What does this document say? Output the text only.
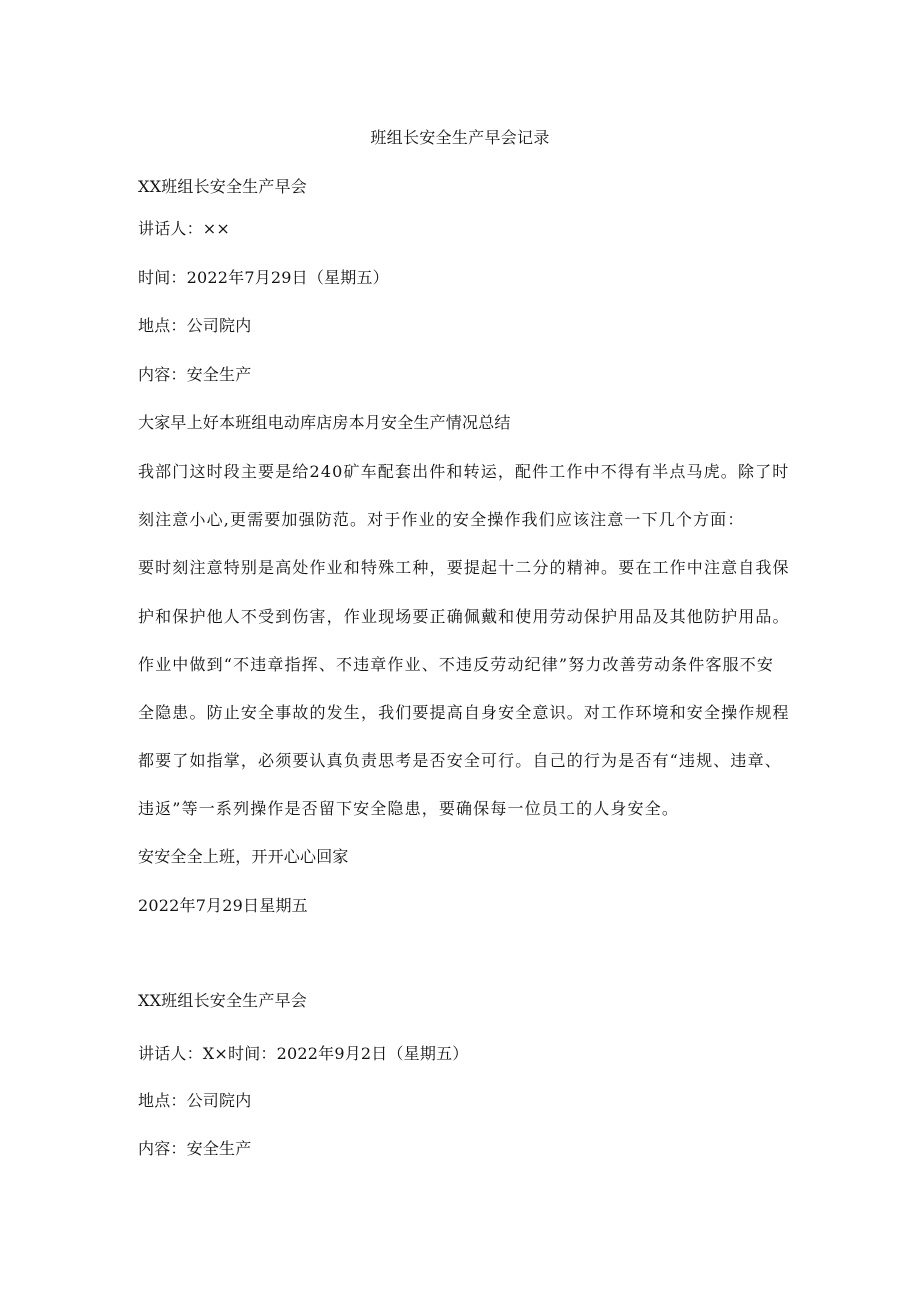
班组长安全生产早会记录
XX班组长安全生产早会
讲话人：××
时间：2022年7月29日（星期五）
地点：公司院内
内容：安全生产
大家早上好本班组电动库店房本月安全生产情况总结
我部门这时段主要是给240矿车配套出件和转运，配件工作中不得有半点马虎。除了时
刻注意小心,更需要加强防范。对于作业的安全操作我们应该注意一下几个方面：
要时刻注意特别是高处作业和特殊工种，要提起十二分的精神。要在工作中注意自我保
护和保护他人不受到伤害，作业现场要正确佩戴和使用劳动保护用品及其他防护用品。
作业中做到“不违章指挥、不违章作业、不违反劳动纪律”努力改善劳动条件客服不安
全隐患。防止安全事故的发生，我们要提高自身安全意识。对工作环境和安全操作规程
都要了如指掌，必须要认真负责思考是否安全可行。自己的行为是否有“违规、违章、
违返”等一系列操作是否留下安全隐患，要确保每一位员工的人身安全。
安安全全上班，开开心心回家
2022年7月29日星期五
XX班组长安全生产早会
讲话人：X×时间：2022年9月2日（星期五）
地点：公司院内
内容：安全生产
